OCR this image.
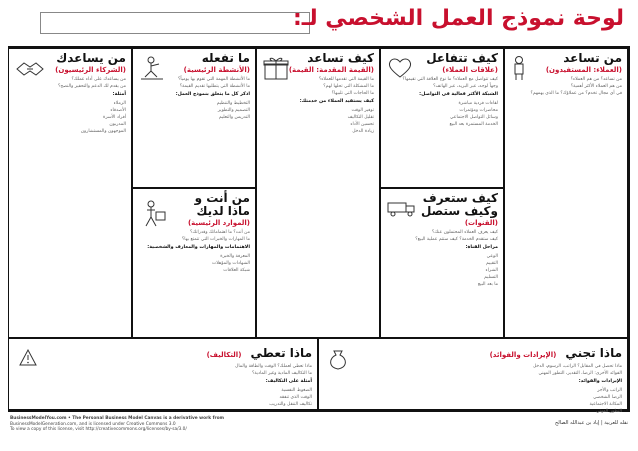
لوحة نموذج العمل الشخصي لـ:
من تساعد
(العملاء: المستفيدون)

من تساعد؟ من هم العملاء؟

من هم العملاء الأكثر أهمية؟

في أي مجال تخدم؟ من عملاؤك؟ ما الذي يهمهم؟

كيف تتفاعل
(علاقات العملاء)

كيف تتواصل مع العملاء؟ ما نوع العلاقة التي تقيمها؟

وجهاً لوجه، عبر البريد، عبر الهاتف؟

الشبكة الأكثر فعالية في التواصل:

لقاءات فردية مباشرة

محاضرات ومؤتمرات

وسائل التواصل الاجتماعي

الخدمة المستمرة بعد البيع

كيف ستعرف وكيف ستصل
(القنوات)

كيف يعرف العملاء المحتملون عنك؟

كيف ستقدم الخدمة؟ كيف ستتم عملية البيع؟

مراحل القناة:

الوعي

التقييم

الشراء

التسليم

ما بعد البيع

كيف تساعد
(القيمة المقدمة: القيمة)

ما القيمة التي تقدمها للعملاء؟

ما المشكلة التي تحلها لهم؟

ما الحاجات التي تلبيها؟

كيف يستفيد العملاء من خدمتك:

توفير الوقت

تقليل التكاليف

تحسين الأداء

زيادة الدخل

ما تفعله
(الأنشطة الرئيسية)

ما الأنشطة المهمة التي تقوم بها يومياً؟

ما الأنشطة التي يتطلبها تقديم القيمة؟

اذكر كل ما يتعلق بنموذج العمل:

التخطيط والتنظيم

التصميم والتطوير

التدريس والتعليم

من أنت و ماذا لديك
(الموارد الرئيسية)

من أنت؟ ما اهتماماتك وقدراتك؟

ما المهارات والخبرات التي تتمتع بها؟

الاهتمامات والمهارات والمعارف والشخصية:

المعرفة والخبرة

الشهادات والمؤهلات

شبكة العلاقات

من يساعدك
(الشركاء الرئيسيون)

من يساعدك على أداء عملك؟

من يقدم لك الدعم والتحفيز والنصح؟

أمثلة:

الزملاء

الأصدقاء

أفراد الأسرة

المدربون

الموجهون والمستشارون

ماذا تجني (الإيرادات والفوائد)

ماذا تحصل في المقابل؟ الراتب، الرسوم، الدخل

الفوائد الأخرى: الرضا، التقدير، التطور المهني

الإيرادات والفوائد:

الراتب والأجر

الرضا الشخصي

المكانة الاجتماعية

التطور المهني

ماذا تعطي (التكاليف)

ماذا تعطي لعملك؟ الوقت والطاقة والمال

ما التكاليف المادية وغير المادية؟

أمثلة على التكاليف:

الضغوط النفسية

الوقت الذي تنفقه

تكاليف التنقل والتدريب

BusinessModelYou.com • The Personal Business Model Canvas is a derivative work from
BusinessModelGeneration.com, and is licensed under Creative Commons 3.0
To view a copy of this license, visit http://creativecommons.org/licenses/by-sa/3.0/
نقله للعربية | إياد بن عبدالله الصالح
